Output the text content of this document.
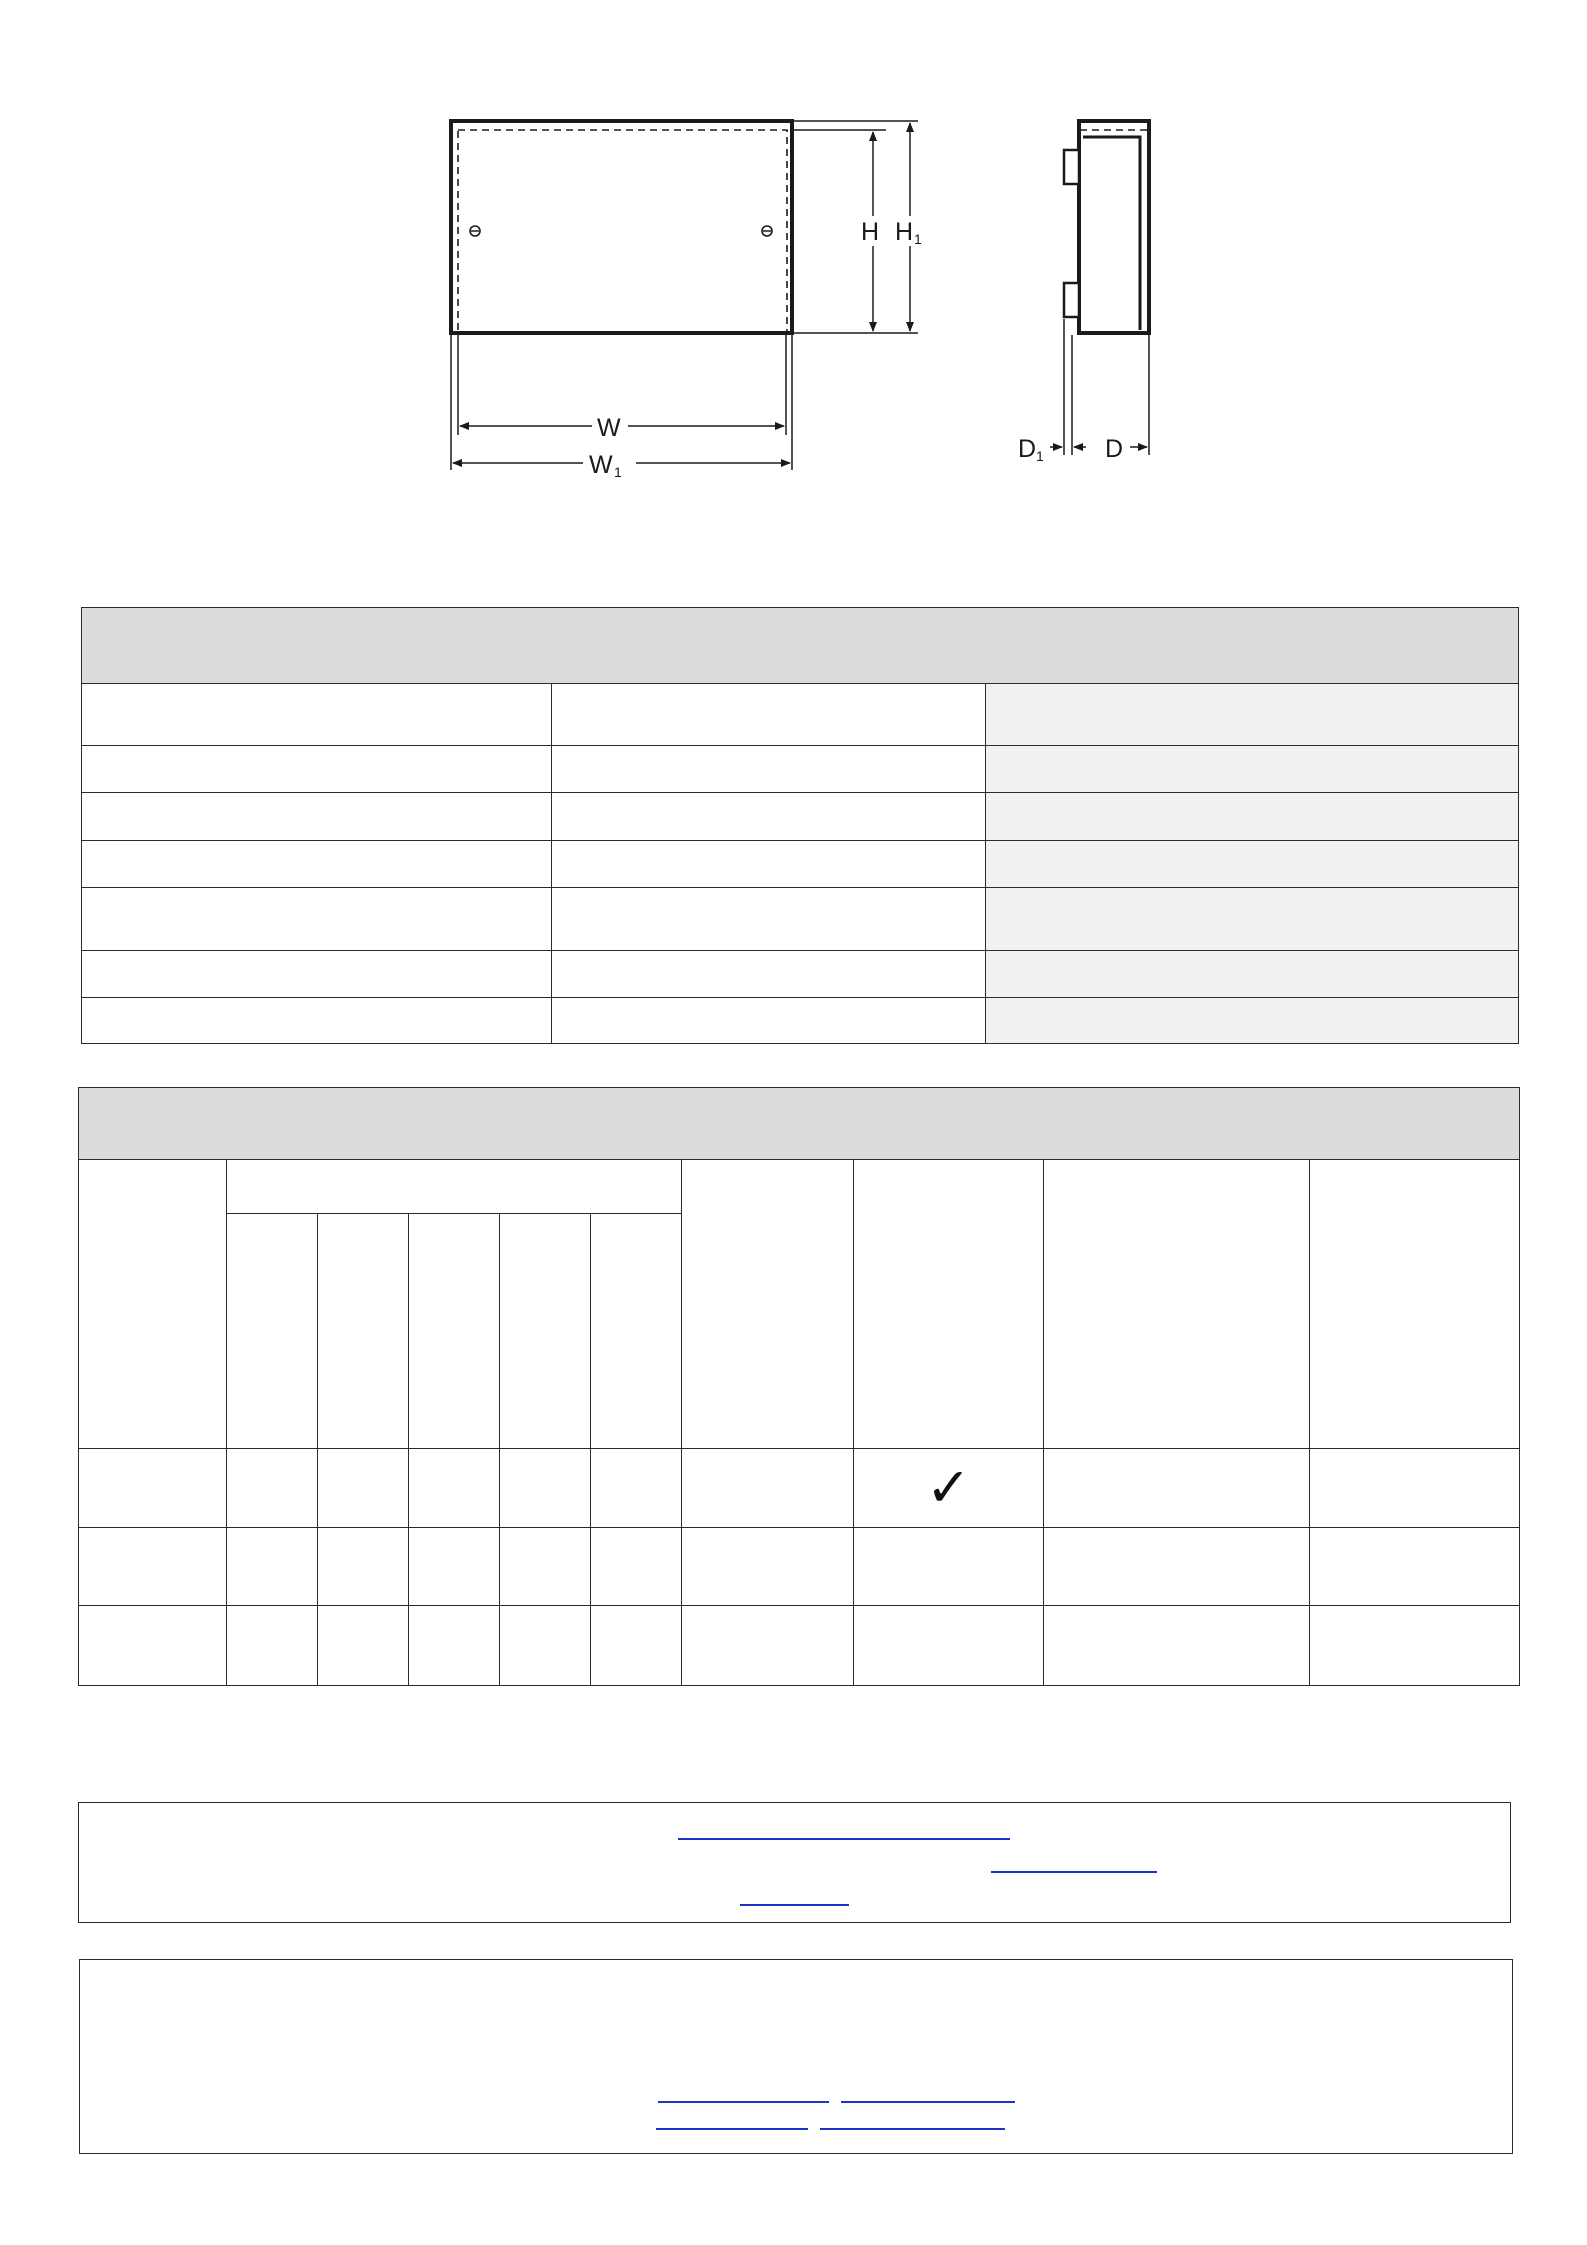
H H 1
W
W 1
D 1 D

							✓		
